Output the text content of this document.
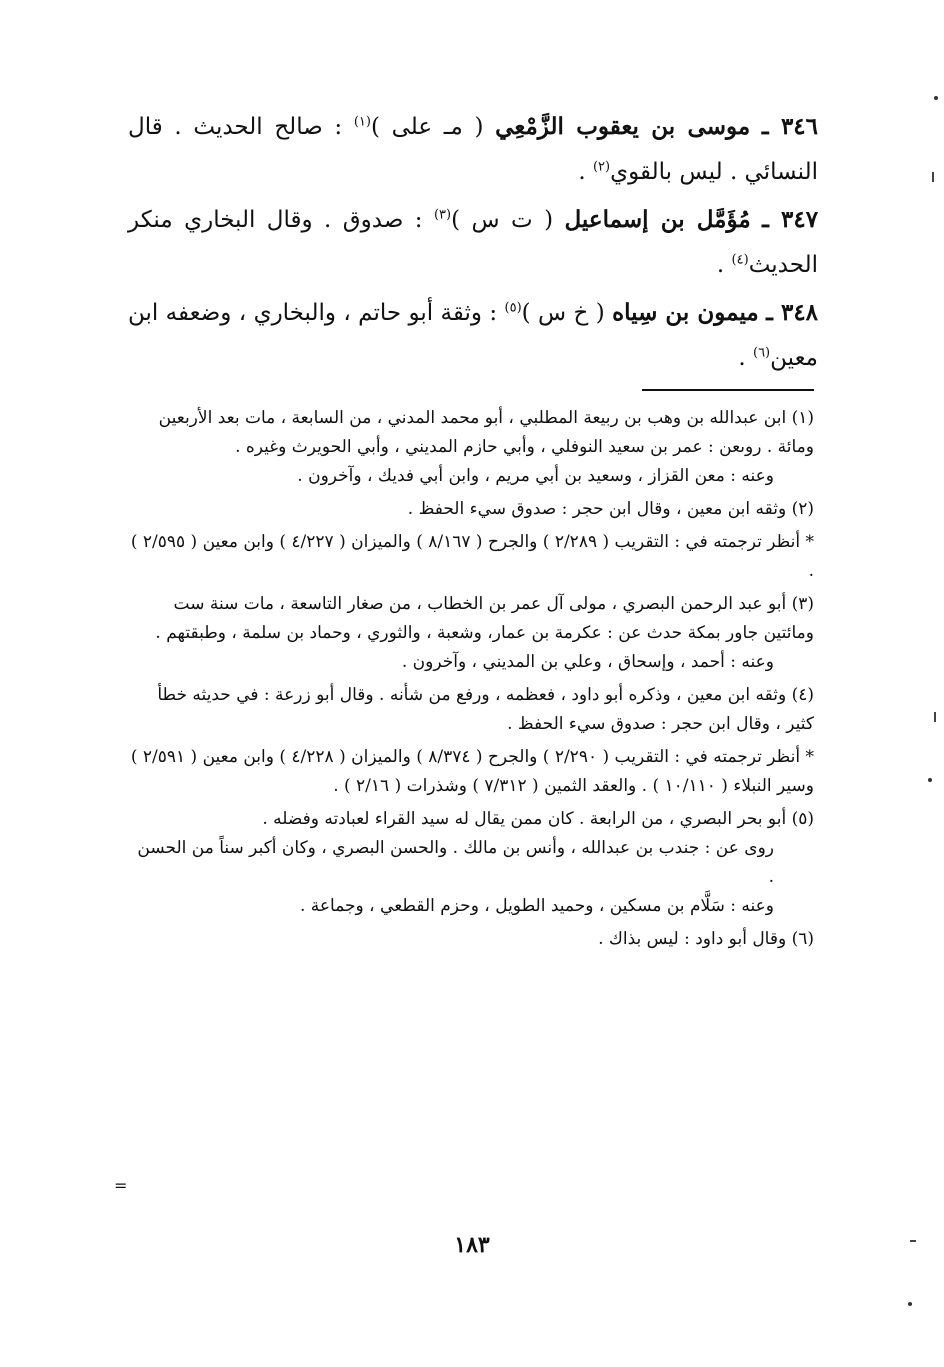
٣٤٦ ـ موسى بن يعقوب الزَّمْعِي ( مـ على )$^{(١)}$ : صالح الحديث . قال النسائي . ليس بالقوي$^{(٢)}$ .
٣٤٧ ـ مُؤَمَّل بن إسماعيل ( ت س )$^{(٣)}$ : صدوق . وقال البخاري منكر الحديث$^{(٤)}$ .
٣٤٨ ـ ميمون بن سِياه ( خ س )$^{(٥)}$ : وثقة أبو حاتم ، والبخاري ، وضعفه ابن معين$^{(٦)}$ .
(١) ابن عبدالله بن وهب بن ربيعة المطلبي ، أبو محمد المدني ، من السابعة ، مات بعد الأربعين ومائة . روىعن : عمر بن سعيد النوفلي ، وأبي حازم المديني ، وأبي الحويرث وغيره .
وعنه : معن القزاز ، وسعيد بن أبي مريم ، وابن أبي فديك ، وآخرون .
(٢) وثقه ابن معين ، وقال ابن حجر : صدوق سيء الحفظ .
* أنظر ترجمته في : التقريب ( ٢/٢٨٩ ) والجرح ( ٨/١٦٧ ) والميزان ( ٤/٢٢٧ ) وابن معين ( ٢/٥٩٥ ) .
(٣) أبو عبد الرحمن البصري ، مولى آل عمر بن الخطاب ، من صغار التاسعة ، مات سنة ست ومائتين جاور بمكة حدث عن : عكرمة بن عمار، وشعبة ، والثوري ، وحماد بن سلمة ، وطبقتهم .
وعنه : أحمد ، وإسحاق ، وعلي بن المديني ، وآخرون .
(٤) وثقه ابن معين ، وذكره أبو داود ، فعظمه ، ورفع من شأنه . وقال أبو زرعة : في حديثه خطأ كثير ، وقال ابن حجر : صدوق سيء الحفظ .
* أنظر ترجمته في : التقريب ( ٢/٢٩٠ ) والجرح ( ٨/٣٧٤ ) والميزان ( ٤/٢٢٨ ) وابن معين ( ٢/٥٩١ ) وسير النبلاء ( ١٠/١١٠ ) . والعقد الثمين ( ٧/٣١٢ ) وشذرات ( ٢/١٦ ) .
(٥) أبو بحر البصري ، من الرابعة . كان ممن يقال له سيد القراء لعبادته وفضله .
روى عن : جندب بن عبدالله ، وأنس بن مالك . والحسن البصري ، وكان أكبر سناً من الحسن .
وعنه : سَلَّام بن مسكين ، وحميد الطويل ، وحزم القطعي ، وجماعة .
(٦) وقال أبو داود : ليس بذاك .
=
١٨٣
